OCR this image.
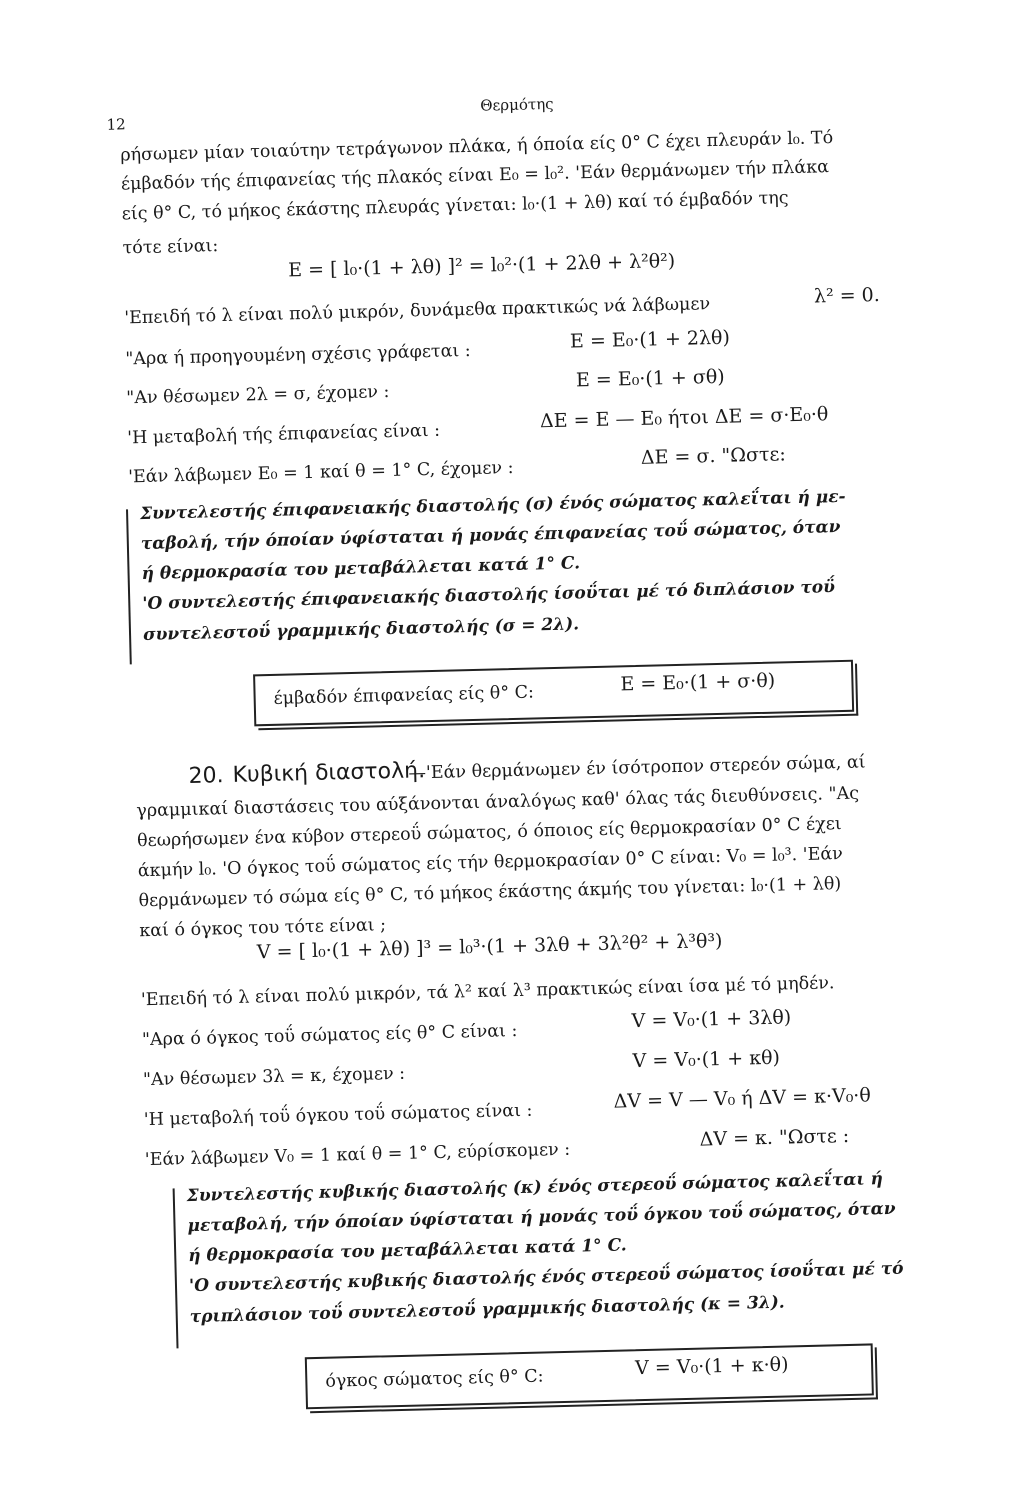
12
Θερμότης
ρήσωμεν μίαν τοιαύτην τετράγωνον πλάκα, ή όποία είς 0° C έχει πλευράν l₀. Τό
έμβαδόν τής έπιφανείας τής πλακός είναι E₀ = l₀². 'Εάν θερμάνωμεν τήν πλάκα
είς θ° C, τό μήκος έκάστης πλευράς γίνεται: l₀·(1 + λθ) καί τό έμβαδόν της
τότε είναι:
E = [ l₀·(1 + λθ) ]² = l₀²·(1 + 2λθ + λ²θ²)
'Επειδή τό λ είναι πολύ μικρόν, δυνάμεθα πρακτικώς νά λάβωμεν	λ² = 0.
"Αρα ή προηγουμένη σχέσις γράφεται :
E = E₀·(1 + 2λθ)
"Αν θέσωμεν 2λ = σ, έχομεν :
E = E₀·(1 + σθ)
'Η μεταβολή τής έπιφανείας είναι :
ΔE = E — E₀ ήτοι ΔE = σ·E₀·θ
'Εάν λάβωμεν E₀ = 1 καί θ = 1° C, έχομεν :
ΔE = σ. "Ωστε:
Συντελεστής έπιφανειακής διαστολής (σ) ένός σώματος καλεΐται ή με-
ταβολή, τήν όποίαν ύφίσταται ή μονάς έπιφανείας τοΰ σώματος, όταν
ή θερμοκρασία του μεταβάλλεται κατά 1° C.
'Ο συντελεστής έπιφανειακής διαστολής ίσοΰται μέ τό διπλάσιον τοΰ
συντελεστοΰ γραμμικής διαστολής (σ = 2λ).
έμβαδόν έπιφανείας είς θ° C:
E = E₀·(1 + σ·θ)
20. Κυβική διαστολή.
—'Εάν θερμάνωμεν έν ίσότροπον στερεόν σώμα, αί
γραμμικαί διαστάσεις του αύξάνονται άναλόγως καθ' όλας τάς διευθύνσεις. "Ας
θεωρήσωμεν ένα κύβον στερεοΰ σώματος, ό όποιος είς θερμοκρασίαν 0° C έχει
άκμήν l₀. 'Ο όγκος τοΰ σώματος είς τήν θερμοκρασίαν 0° C είναι: V₀ = l₀³. 'Εάν
θερμάνωμεν τό σώμα είς θ° C, τό μήκος έκάστης άκμής του γίνεται: l₀·(1 + λθ)
καί ό όγκος του τότε είναι ;
V = [ l₀·(1 + λθ) ]³ = l₀³·(1 + 3λθ + 3λ²θ² + λ³θ³)
'Επειδή τό λ είναι πολύ μικρόν, τά λ² καί λ³ πρακτικώς είναι ίσα μέ τό μηδέν.
"Αρα ό όγκος τοΰ σώματος είς θ° C είναι :
V = V₀·(1 + 3λθ)
"Αν θέσωμεν 3λ = κ, έχομεν :
V = V₀·(1 + κθ)
'Η μεταβολή τοΰ όγκου τοΰ σώματος είναι :
ΔV = V — V₀ ή ΔV = κ·V₀·θ
'Εάν λάβωμεν V₀ = 1 καί θ = 1° C, εύρίσκομεν :
ΔV = κ. "Ωστε :
Συντελεστής κυβικής διαστολής (κ) ένός στερεοΰ σώματος καλεΐται ή
μεταβολή, τήν όποίαν ύφίσταται ή μονάς τοΰ όγκου τοΰ σώματος, όταν
ή θερμοκρασία του μεταβάλλεται κατά 1° C.
'Ο συντελεστής κυβικής διαστολής ένός στερεοΰ σώματος ίσοΰται μέ τό
τριπλάσιον τοΰ συντελεστοΰ γραμμικής διαστολής (κ = 3λ).
όγκος σώματος είς θ° C:	V = V₀·(1 + κ·θ)
